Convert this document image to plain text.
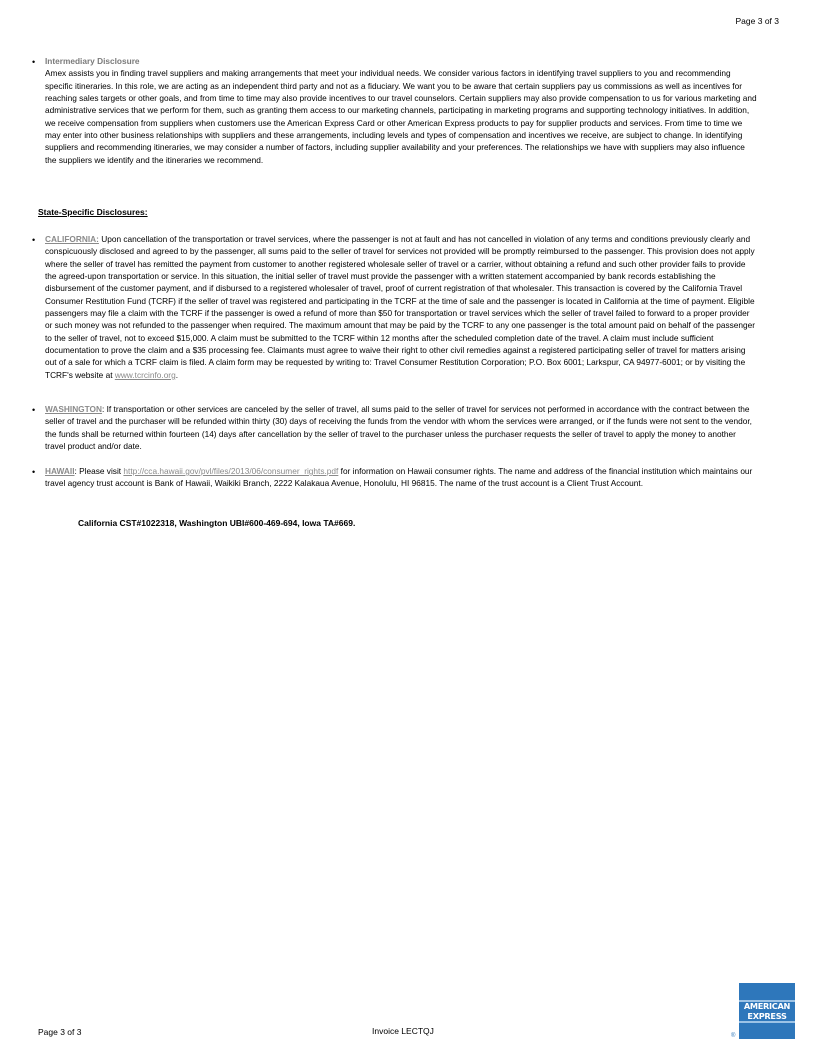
Page 3 of 3
• Intermediary Disclosure
Amex assists you in finding travel suppliers and making arrangements that meet your individual needs. We consider various factors in identifying travel suppliers to you and recommending specific itineraries. In this role, we are acting as an independent third party and not as a fiduciary. We want you to be aware that certain suppliers pay us commissions as well as incentives for reaching sales targets or other goals, and from time to time may also provide incentives to our travel counselors. Certain suppliers may also provide compensation to us for various marketing and administrative services that we perform for them, such as granting them access to our marketing channels, participating in marketing programs and supporting technology initiatives. In addition, we receive compensation from suppliers when customers use the American Express Card or other American Express products to pay for supplier products and services. From time to time we may enter into other business relationships with suppliers and these arrangements, including levels and types of compensation and incentives we receive, are subject to change. In identifying suppliers and recommending itineraries, we may consider a number of factors, including supplier availability and your preferences. The relationships we have with suppliers may also influence the suppliers we identify and the itineraries we recommend.
State-Specific Disclosures:
• CALIFORNIA: Upon cancellation of the transportation or travel services, where the passenger is not at fault and has not cancelled in violation of any terms and conditions previously clearly and conspicuously disclosed and agreed to by the passenger, all sums paid to the seller of travel for services not provided will be promptly reimbursed to the passenger. This provision does not apply where the seller of travel has remitted the payment from customer to another registered wholesale seller of travel or a carrier, without obtaining a refund and such other provider fails to provide the agreed-upon transportation or service. In this situation, the initial seller of travel must provide the passenger with a written statement accompanied by bank records establishing the disbursement of the customer payment, and if disbursed to a registered wholesaler of travel, proof of current registration of that wholesaler. This transaction is covered by the California Travel Consumer Restitution Fund (TCRF) if the seller of travel was registered and participating in the TCRF at the time of sale and the passenger is located in California at the time of payment. Eligible passengers may file a claim with the TCRF if the passenger is owed a refund of more than $50 for transportation or travel services which the seller of travel failed to forward to a proper provider or such money was not refunded to the passenger when required. The maximum amount that may be paid by the TCRF to any one passenger is the total amount paid on behalf of the passenger to the seller of travel, not to exceed $15,000. A claim must be submitted to the TCRF within 12 months after the scheduled completion date of the travel. A claim must include sufficient documentation to prove the claim and a $35 processing fee. Claimants must agree to waive their right to other civil remedies against a registered participating seller of travel for matters arising out of a sale for which a TCRF claim is filed. A claim form may be requested by writing to: Travel Consumer Restitution Corporation; P.O. Box 6001; Larkspur, CA 94977-6001; or by visiting the TCRF's website at www.tcrcinfo.org.
• WASHINGTON: If transportation or other services are canceled by the seller of travel, all sums paid to the seller of travel for services not performed in accordance with the contract between the seller of travel and the purchaser will be refunded within thirty (30) days of receiving the funds from the vendor with whom the services were arranged, or if the funds were not sent to the vendor, the funds shall be returned within fourteen (14) days after cancellation by the seller of travel to the purchaser unless the purchaser requests the seller of travel to apply the money to another travel product and/or date.
• HAWAII: Please visit http://cca.hawaii.gov/pvl/files/2013/06/consumer_rights.pdf for information on Hawaii consumer rights. The name and address of the financial institution which maintains our travel agency trust account is Bank of Hawaii, Waikiki Branch, 2222 Kalakaua Avenue, Honolulu, HI 96815. The name of the trust account is a Client Trust Account.
California CST#1022318, Washington UBI#600-469-694, Iowa TA#669.
Page 3 of 3	Invoice LECTQJ
AMERICAN
EXPRESS
®
